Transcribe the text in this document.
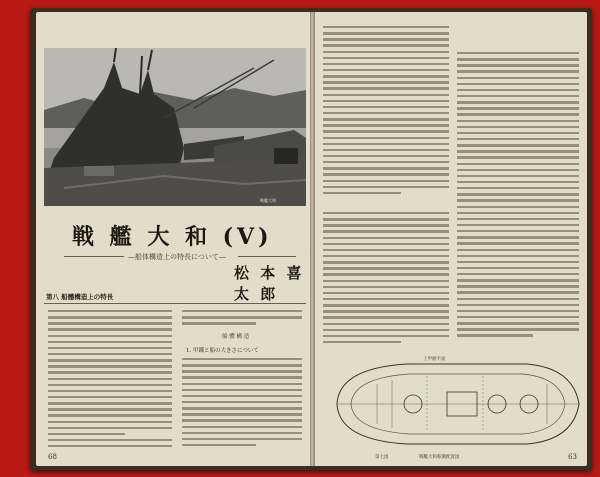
戦艦大和
戦 艦 大 和 (V)
—船体構造上の特長について—
松 本 喜 太 郎
第八 船體構造上の特長
船 體 構 造
1. 甲鐵と船の大きさについて
68
上甲板平面
戦艦大和舷側配置図
第七図	63
